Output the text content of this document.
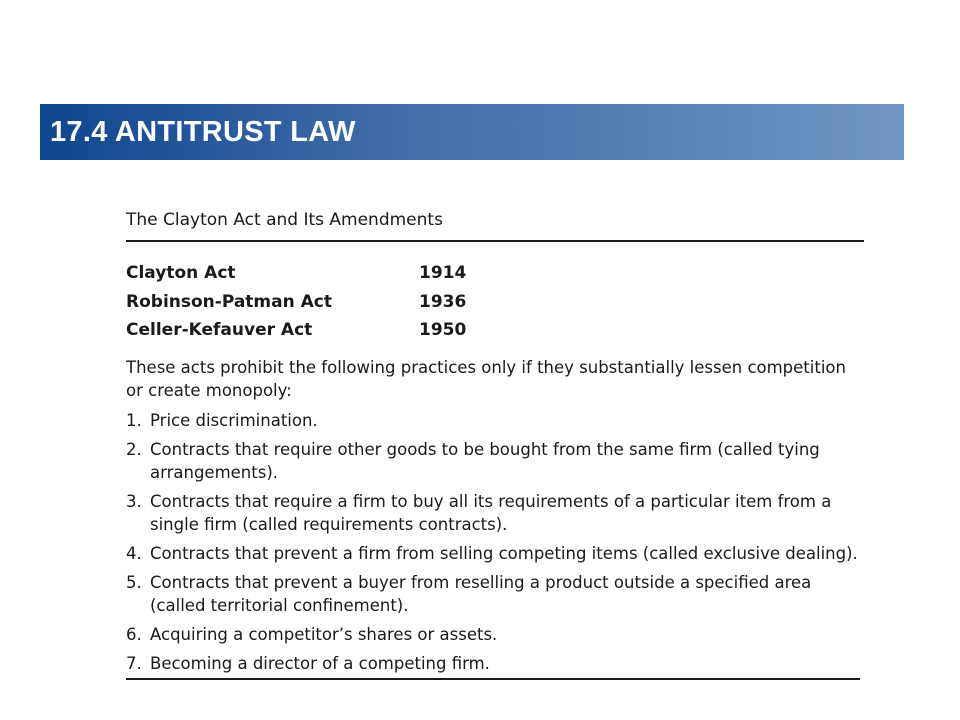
17.4 ANTITRUST LAW

The Clayton Act and Its Amendments

Clayton Act	1914
Robinson-Patman Act	1936
Celler-Kefauver Act	1950

These acts prohibit the following practices only if they substantially lessen competition or create monopoly:

1. Price discrimination.
2. Contracts that require other goods to be bought from the same firm (called tying arrangements).
3. Contracts that require a firm to buy all its requirements of a particular item from a single firm (called requirements contracts).
4. Contracts that prevent a firm from selling competing items (called exclusive dealing).
5. Contracts that prevent a buyer from reselling a product outside a specified area (called territorial confinement).
6. Acquiring a competitor’s shares or assets.
7. Becoming a director of a competing firm.
